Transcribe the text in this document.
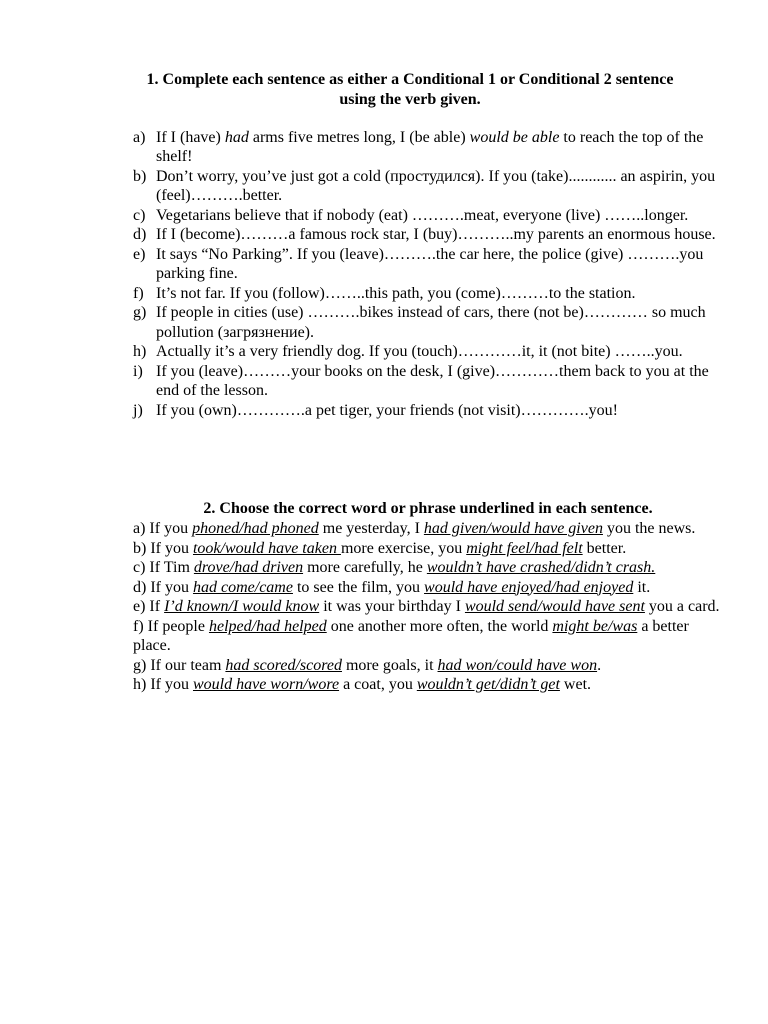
1. Complete each sentence as either a Conditional 1 or Conditional 2 sentence
using the verb given.
a) If I (have) had arms five metres long, I (be able) would be able to reach the top of the shelf!
b) Don’t worry, you’ve just got a cold (простудился). If you (take)............ an aspirin, you (feel)……….better.
c) Vegetarians believe that if nobody (eat) ……….meat, everyone (live) ……..longer.
d) If I (become)………a famous rock star, I (buy)………..my parents an enormous house.
e) It says “No Parking”. If you (leave)……….the car here, the police (give) ……….you parking fine.
f) It’s not far. If you (follow)……..this path, you (come)………to the station.
g) If people in cities (use) ……….bikes instead of cars, there (not be)………… so much pollution (загрязнение).
h) Actually it’s a very friendly dog. If you (touch)…………it, it (not bite) ……..you.
i) If you (leave)………your books on the desk, I (give)…………them back to you at the end of the lesson.
j) If you (own)………….a pet tiger, your friends (not visit)………….you!
2. Choose the correct word or phrase underlined in each sentence.
a) If you phoned/had phoned me yesterday, I had given/would have given you the news.
b) If you took/would have taken more exercise, you might feel/had felt better.
c) If Tim drove/had driven more carefully, he wouldn’t have crashed/didn’t crash.
d) If you had come/came to see the film, you would have enjoyed/had enjoyed it.
e) If I’d known/I would know it was your birthday I would send/would have sent you a card.
f) If people helped/had helped one another more often, the world might be/was a better place.
g) If our team had scored/scored more goals, it had won/could have won.
h) If you would have worn/wore a coat, you wouldn’t get/didn’t get wet.
